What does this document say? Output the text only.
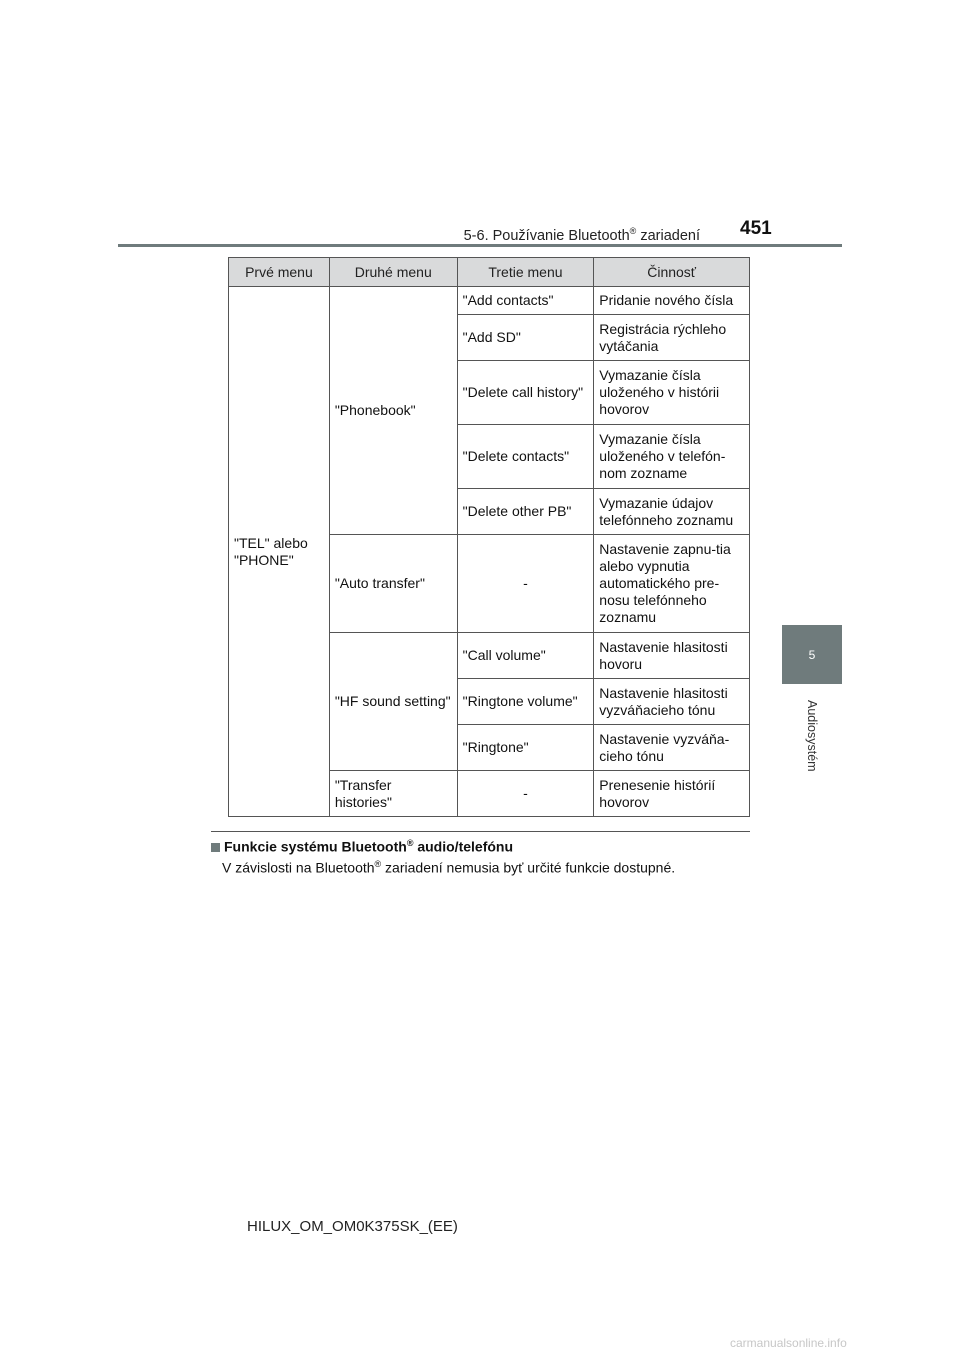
5-6. Používanie Bluetooth® zariadení 451
5
Audiosystém
Prvé menu	Druhé menu	Tretie menu	Činnosť
"TEL" alebo "PHONE"	"Phonebook"	"Add contacts"	Pridanie nového čísla
		"Add SD"	Registrácia rýchleho vytáčania
		"Delete call history"	Vymazanie čísla uloženého v histórii hovorov
		"Delete contacts"	Vymazanie čísla uloženého v telefón-nom zozname
		"Delete other PB"	Vymazanie údajov telefónneho zoznamu
	"Auto transfer"	-	Nastavenie zapnu-tia alebo vypnutia automatického pre-nosu telefónneho zoznamu
	"HF sound setting"	"Call volume"	Nastavenie hlasitosti hovoru
		"Ringtone volume"	Nastavenie hlasitosti vyzváňacieho tónu
		"Ringtone"	Nastavenie vyzváňa-cieho tónu
	"Transfer histories"	-	Prenesenie histórií hovorov
Funkcie systému Bluetooth® audio/telefónu
V závislosti na Bluetooth® zariadení nemusia byť určité funkcie dostupné.
HILUX_OM_OM0K375SK_(EE)
carmanualsonline.info
